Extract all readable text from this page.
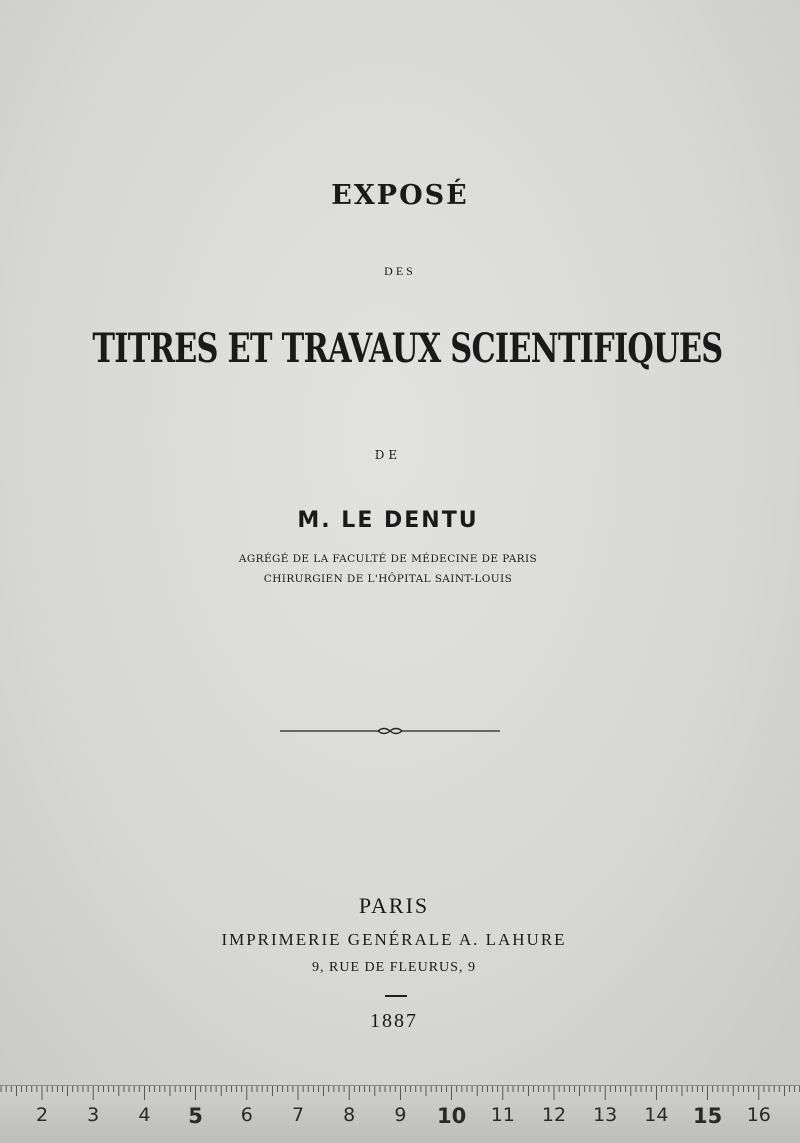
EXPOSÉ
DES
TITRES ET TRAVAUX SCIENTIFIQUES
DE
M. LE DENTU
AGRÉGÉ DE LA FACULTÉ DE MÉDECINE DE PARIS
CHIRURGIEN DE L'HÔPITAL SAINT-LOUIS
PARIS
IMPRIMERIE GENÉRALE A. LAHURE
9, RUE DE FLEURUS, 9
1887
2	3	4	5	6	7	8	9	10 11 12 13 14 15 16
